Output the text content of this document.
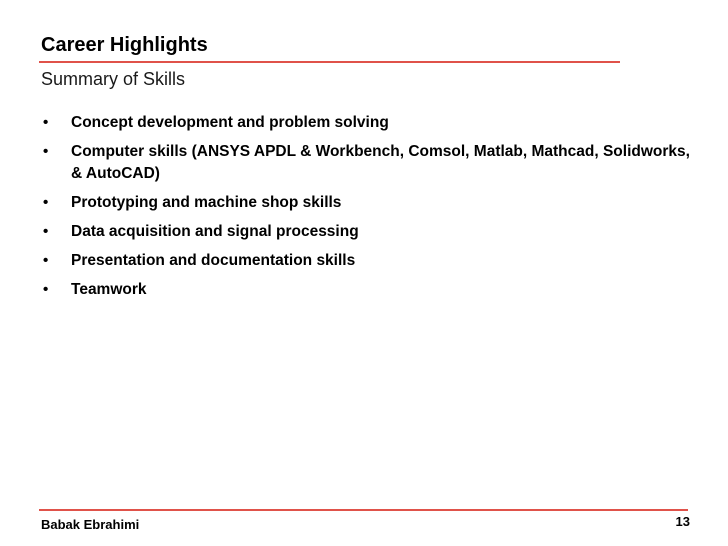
Career Highlights
Summary of Skills
• Concept development and problem solving
• Computer skills (ANSYS APDL & Workbench, Comsol, Matlab, Mathcad, Solidworks, & AutoCAD)
• Prototyping and machine shop skills
• Data acquisition and signal processing
• Presentation and documentation skills
• Teamwork
Babak Ebrahimi	13
